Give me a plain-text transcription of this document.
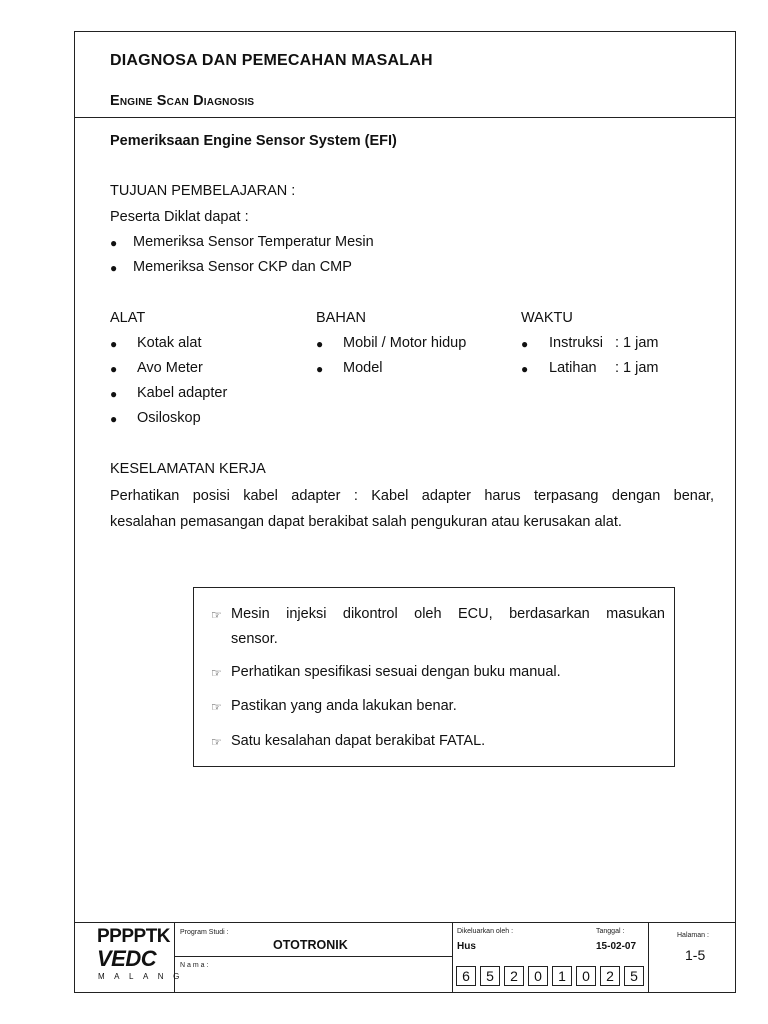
DIAGNOSA DAN PEMECAHAN MASALAH
Engine Scan Diagnosis
Pemeriksaan Engine Sensor System (EFI)
TUJUAN PEMBELAJARAN :
Peserta Diklat dapat :
● Memeriksa Sensor Temperatur Mesin
● Memeriksa Sensor CKP dan CMP
ALAT
● Kotak alat
● Avo Meter
● Kabel adapter
● Osiloskop
BAHAN
● Mobil / Motor hidup
● Model
WAKTU
● Instruksi : 1 jam
● Latihan : 1 jam
KESELAMATAN KERJA
Perhatikan posisi kabel adapter : Kabel adapter harus terpasang dengan benar,
kesalahan pemasangan dapat berakibat salah pengukuran atau kerusakan alat.
☞ Mesin injeksi dikontrol oleh ECU, berdasarkan masukan
sensor.
☞ Perhatikan spesifikasi sesuai dengan buku manual.
☞ Pastikan yang anda lakukan benar.
☞ Satu kesalahan dapat berakibat FATAL.
PPPPTK
VEDC
MALANG
Program Studi :
OTOTRONIK
N a m a :
Dikeluarkan oleh :
Hus
Tanggal :
15-02-07
Halaman :
1-5
6	5	2	0	1	0	2	5
